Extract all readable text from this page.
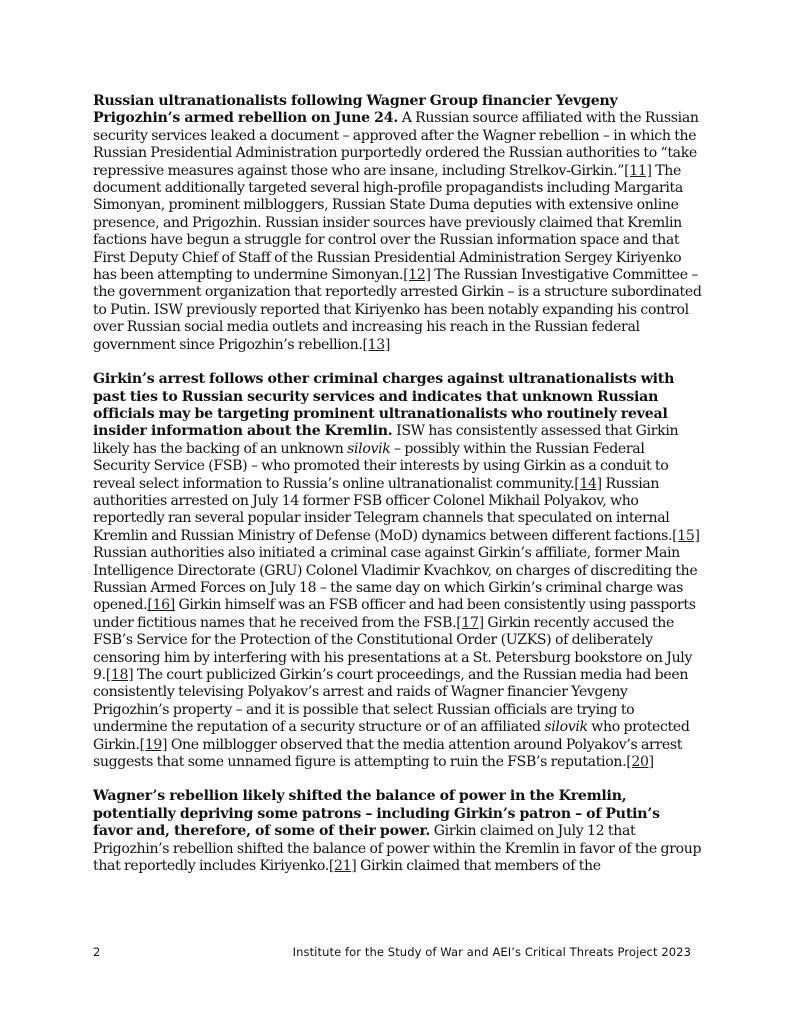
Russian ultranationalists following Wagner Group financier Yevgeny Prigozhin’s armed rebellion on June 24. A Russian source affiliated with the Russian security services leaked a document – approved after the Wagner rebellion – in which the Russian Presidential Administration purportedly ordered the Russian authorities to “take repressive measures against those who are insane, including Strelkov-Girkin.”[11] The document additionally targeted several high-profile propagandists including Margarita Simonyan, prominent milbloggers, Russian State Duma deputies with extensive online presence, and Prigozhin. Russian insider sources have previously claimed that Kremlin factions have begun a struggle for control over the Russian information space and that First Deputy Chief of Staff of the Russian Presidential Administration Sergey Kiriyenko has been attempting to undermine Simonyan.[12] The Russian Investigative Committee – the government organization that reportedly arrested Girkin – is a structure subordinated to Putin. ISW previously reported that Kiriyenko has been notably expanding his control over Russian social media outlets and increasing his reach in the Russian federal government since Prigozhin’s rebellion.[13]

Girkin’s arrest follows other criminal charges against ultranationalists with past ties to Russian security services and indicates that unknown Russian officials may be targeting prominent ultranationalists who routinely reveal insider information about the Kremlin. ISW has consistently assessed that Girkin likely has the backing of an unknown silovik – possibly within the Russian Federal Security Service (FSB) – who promoted their interests by using Girkin as a conduit to reveal select information to Russia’s online ultranationalist community.[14] Russian authorities arrested on July 14 former FSB officer Colonel Mikhail Polyakov, who reportedly ran several popular insider Telegram channels that speculated on internal Kremlin and Russian Ministry of Defense (MoD) dynamics between different factions.[15] Russian authorities also initiated a criminal case against Girkin’s affiliate, former Main Intelligence Directorate (GRU) Colonel Vladimir Kvachkov, on charges of discrediting the Russian Armed Forces on July 18 – the same day on which Girkin’s criminal charge was opened.[16] Girkin himself was an FSB officer and had been consistently using passports under fictitious names that he received from the FSB.[17] Girkin recently accused the FSB’s Service for the Protection of the Constitutional Order (UZKS) of deliberately censoring him by interfering with his presentations at a St. Petersburg bookstore on July 9.[18] The court publicized Girkin’s court proceedings, and the Russian media had been consistently televising Polyakov’s arrest and raids of Wagner financier Yevgeny Prigozhin’s property – and it is possible that select Russian officials are trying to undermine the reputation of a security structure or of an affiliated silovik who protected Girkin.[19] One milblogger observed that the media attention around Polyakov’s arrest suggests that some unnamed figure is attempting to ruin the FSB’s reputation.[20]

Wagner’s rebellion likely shifted the balance of power in the Kremlin, potentially depriving some patrons – including Girkin’s patron – of Putin’s favor and, therefore, of some of their power. Girkin claimed on July 12 that Prigozhin’s rebellion shifted the balance of power within the Kremlin in favor of the group that reportedly includes Kiriyenko.[21] Girkin claimed that members of the

2	Institute for the Study of War and AEI’s Critical Threats Project 2023
